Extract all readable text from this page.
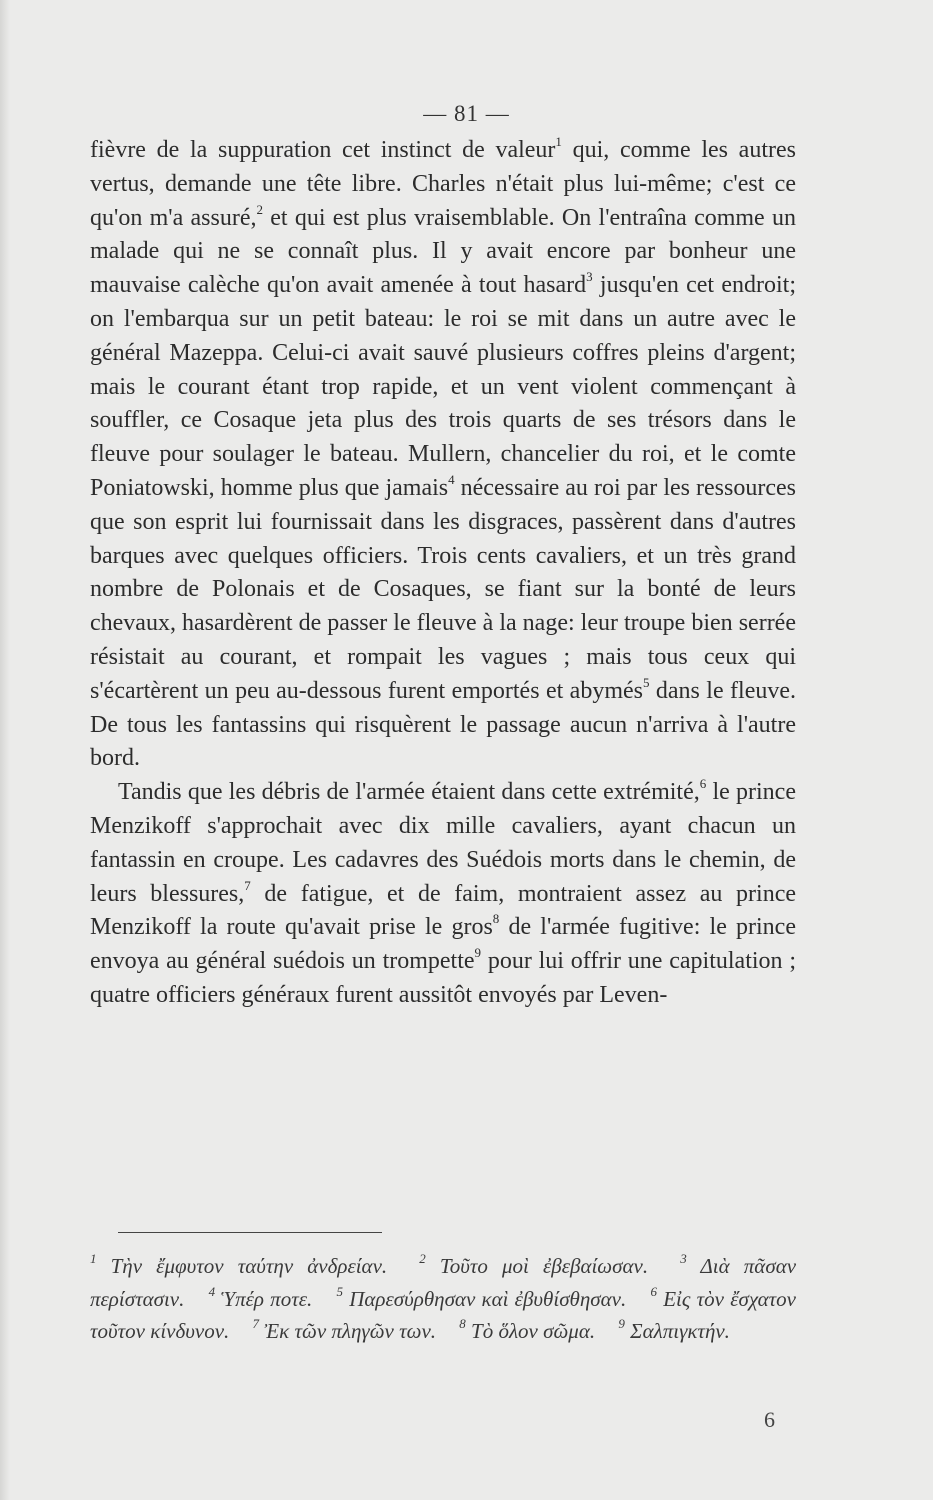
— 81 —

fièvre de la suppuration cet instinct de valeur$^1$ qui, comme les autres vertus, demande une tête libre. Charles n'était plus lui-même; c'est ce qu'on m'a assuré,$^2$ et qui est plus vraisemblable. On l'entraîna comme un malade qui ne se connaît plus. Il y avait encore par bonheur une mauvaise calèche qu'on avait amenée à tout hasard$^3$ jusqu'en cet endroit; on l'embarqua sur un petit bateau: le roi se mit dans un autre avec le général Mazeppa. Celui-ci avait sauvé plusieurs coffres pleins d'argent; mais le courant étant trop rapide, et un vent violent commençant à souffler, ce Cosaque jeta plus des trois quarts de ses trésors dans le fleuve pour soulager le bateau. Mullern, chancelier du roi, et le comte Poniatowski, homme plus que jamais$^4$ nécessaire au roi par les ressources que son esprit lui fournissait dans les disgraces, passèrent dans d'autres barques avec quelques officiers. Trois cents cavaliers, et un très grand nombre de Polonais et de Cosaques, se fiant sur la bonté de leurs chevaux, hasardèrent de passer le fleuve à la nage: leur troupe bien serrée résistait au courant, et rompait les vagues ; mais tous ceux qui s'écartèrent un peu au-dessous furent emportés et abymés$^5$ dans le fleuve. De tous les fantassins qui risquèrent le passage aucun n'arriva à l'autre bord.

Tandis que les débris de l'armée étaient dans cette extrémité,$^6$ le prince Menzikoff s'approchait avec dix mille cavaliers, ayant chacun un fantassin en croupe. Les cadavres des Suédois morts dans le chemin, de leurs blessures,$^7$ de fatigue, et de faim, montraient assez au prince Menzikoff la route qu'avait prise le gros$^8$ de l'armée fugitive: le prince envoya au général suédois un trompette$^9$ pour lui offrir une capitulation ; quatre officiers généraux furent aussitôt envoyés par Leven-

$^1$ Τὴν ἔμφυτον ταύτην ἀνδρείαν. $^2$ Τοῦτο μοὶ ἐβεβαίωσαν. $^3$ Διὰ πᾶσαν περίστασιν. $^4$ Ὑπέρ ποτε. $^5$ Παρεσύρθησαν καὶ ἐβυθίσθησαν. $^6$ Εἰς τὸν ἔσχατον τοῦτον κίνδυνον. $^7$ Ἐκ τῶν πληγῶν των. $^8$ Τὸ ὅλον σῶμα. $^9$ Σαλπιγκτήν.
6
